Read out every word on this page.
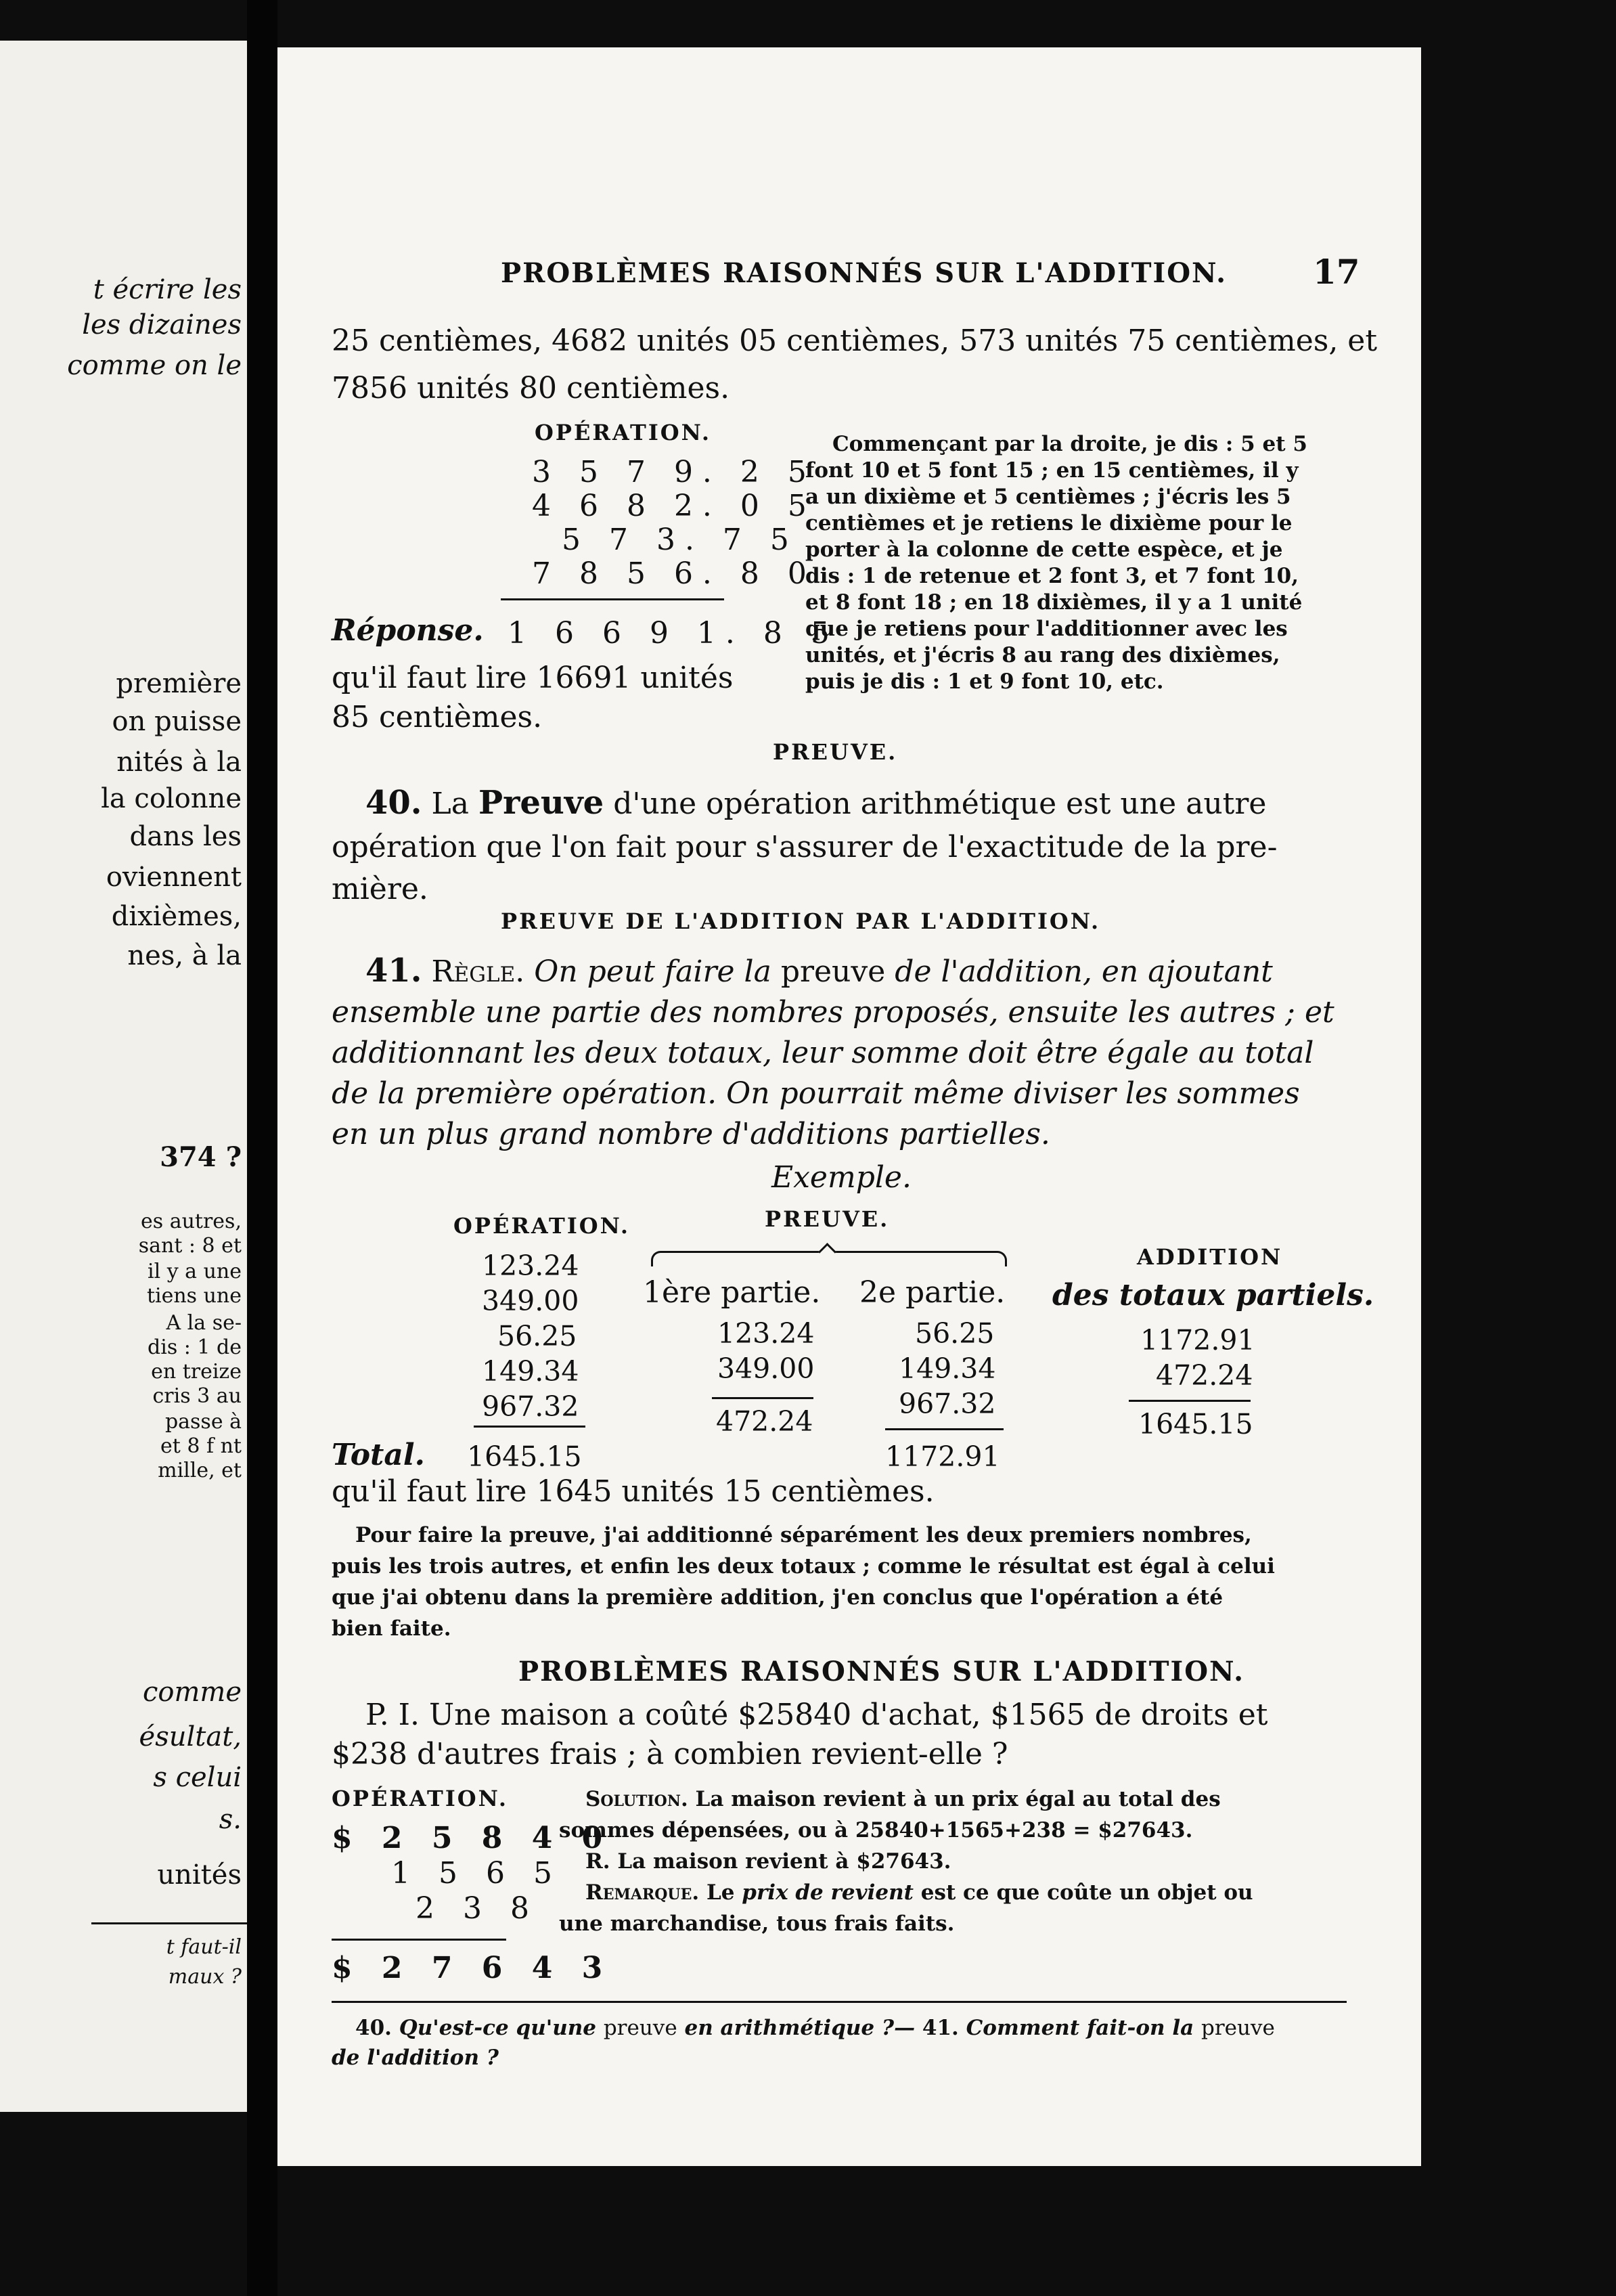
t écrire les
les dizaines
comme on le
première
on puisse
nités à la
la colonne
dans les
oviennent
dixièmes,
nes, à la
374 ?
es autres,
sant : 8 et
il y a une
tiens une
A la se-
dis : 1 de
en treize
cris 3 au
passe à
et 8 f nt
mille, et
comme
ésultat,
s celui
s.
unités
t faut-il
maux ?
PROBLÈMES RAISONNÉS SUR L'ADDITION.	17
25 centièmes, 4682 unités 05 centièmes, 573 unités 75 centièmes, et
7856 unités 80 centièmes.
OPÉRATION.
3 5 7 9. 2 5
4 6 8 2. 0 5
5 7 3. 7 5
7 8 5 6. 8 0
Réponse. 1 6 6 9 1. 8 5
qu'il faut lire 16691 unités
85 centièmes.
Commençant par la droite, je dis : 5 et 5
font 10 et 5 font 15 ; en 15 centièmes, il y
a un dixième et 5 centièmes ; j'écris les 5
centièmes et je retiens le dixième pour le
porter à la colonne de cette espèce, et je
dis : 1 de retenue et 2 font 3, et 7 font 10,
et 8 font 18 ; en 18 dixièmes, il y a 1 unité
que je retiens pour l'additionner avec les
unités, et j'écris 8 au rang des dixièmes,
puis je dis : 1 et 9 font 10, etc.
PREUVE.
40. La Preuve d'une opération arithmétique est une autre
opération que l'on fait pour s'assurer de l'exactitude de la pre-
mière.
PREUVE DE L'ADDITION PAR L'ADDITION.
41. Règle. On peut faire la preuve de l'addition, en ajoutant
ensemble une partie des nombres proposés, ensuite les autres ; et
additionnant les deux totaux, leur somme doit être égale au total
de la première opération. On pourrait même diviser les sommes
en un plus grand nombre d'additions partielles.
Exemple.
OPÉRATION.	PREUVE.
ADDITION
123.24
349.00
56.25
149.34
967.32
Total. 1645.15
1ère partie. 2e partie. des totaux partiels.
123.24
349.00
472.24
56.25
149.34
967.32
1172.91
1172.91
472.24
1645.15
qu'il faut lire 1645 unités 15 centièmes.
Pour faire la preuve, j'ai additionné séparément les deux premiers nombres,
puis les trois autres, et enfin les deux totaux ; comme le résultat est égal à celui
que j'ai obtenu dans la première addition, j'en conclus que l'opération a été
bien faite.
PROBLÈMES RAISONNÉS SUR L'ADDITION.
P. I. Une maison a coûté $25840 d'achat, $1565 de droits et
$238 d'autres frais ; à combien revient-elle ?
OPÉRATION.
$ 2 5 8 4 0
1 5 6 5
2 3 8
$ 2 7 6 4 3
Solution. La maison revient à un prix égal au total des
sommes dépensées, ou à 25840+1565+238 = $27643.
R. La maison revient à $27643.
Remarque. Le prix de revient est ce que coûte un objet ou
une marchandise, tous frais faits.
40. Qu'est-ce qu'une preuve en arithmétique ?— 41. Comment fait-on la preuve
de l'addition ?
